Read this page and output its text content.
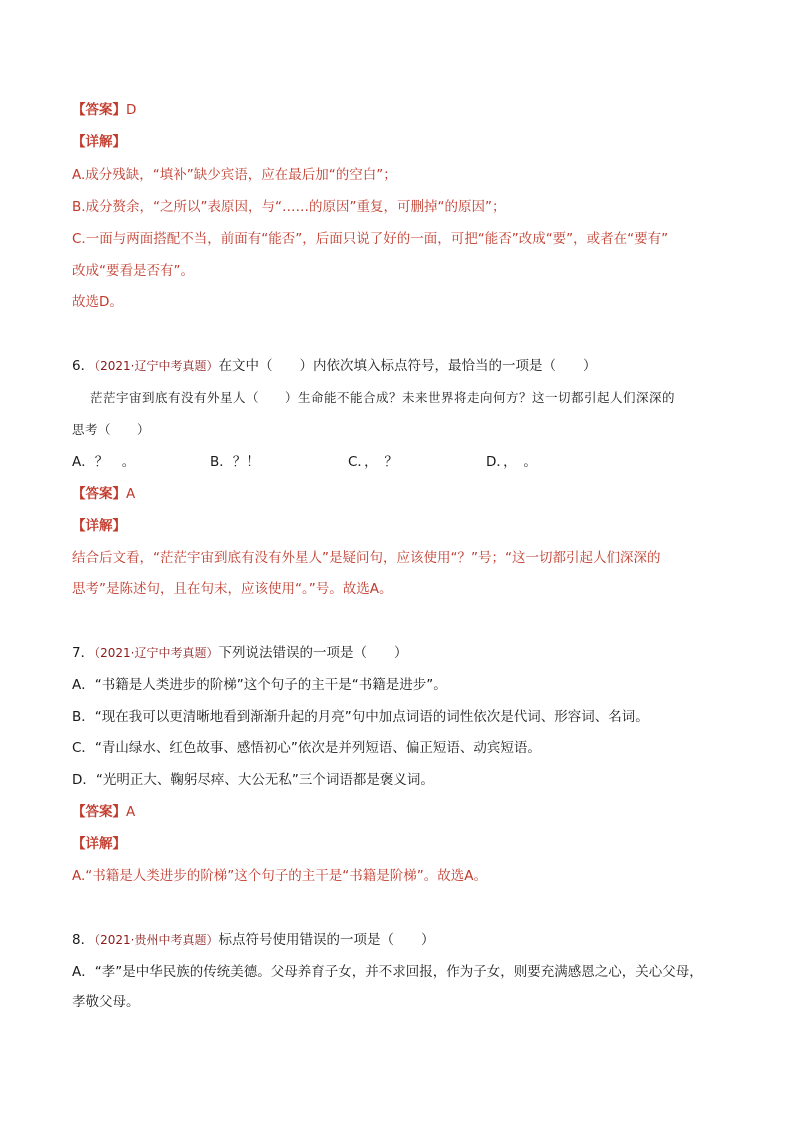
【答案】D
【详解】
A.成分残缺，“填补”缺少宾语，应在最后加“的空白”；
B.成分赘余，“之所以”表原因，与“……的原因”重复，可删掉“的原因”；
C.一面与两面搭配不当，前面有“能否”，后面只说了好的一面，可把“能否”改成“要”，或者在“要有”
改成“要看是否有”。
故选D。
6．（2021·辽宁中考真题）在文中（　　）内依次填入标点符号，最恰当的一项是（　　）
茫茫宇宙到底有没有外星人（　　）生命能不能合成？未来世界将走向何方？这一切都引起人们深深的
思考（　　）
A．？　。	B．？！	C．，　？	D．，　。
【答案】A
【详解】
结合后文看，“茫茫宇宙到底有没有外星人”是疑问句，应该使用“？”号；“这一切都引起人们深深的
思考”是陈述句，且在句末，应该使用“。”号。故选A。
7．（2021·辽宁中考真题）下列说法错误的一项是（　　）
A．“书籍是人类进步的阶梯”这个句子的主干是“书籍是进步”。
B．“现在我可以更清晰地看到渐渐升起的月亮”句中加点词语的词性依次是代词、形容词、名词。
C．“青山绿水、红色故事、感悟初心”依次是并列短语、偏正短语、动宾短语。
D．“光明正大、鞠躬尽瘁、大公无私”三个词语都是褒义词。
【答案】A
【详解】
A.“书籍是人类进步的阶梯”这个句子的主干是“书籍是阶梯”。故选A。
8．（2021·贵州中考真题）标点符号使用错误的一项是（　　）
A．“孝”是中华民族的传统美德。父母养育子女，并不求回报，作为子女，则要充满感恩之心，关心父母，
孝敬父母。
